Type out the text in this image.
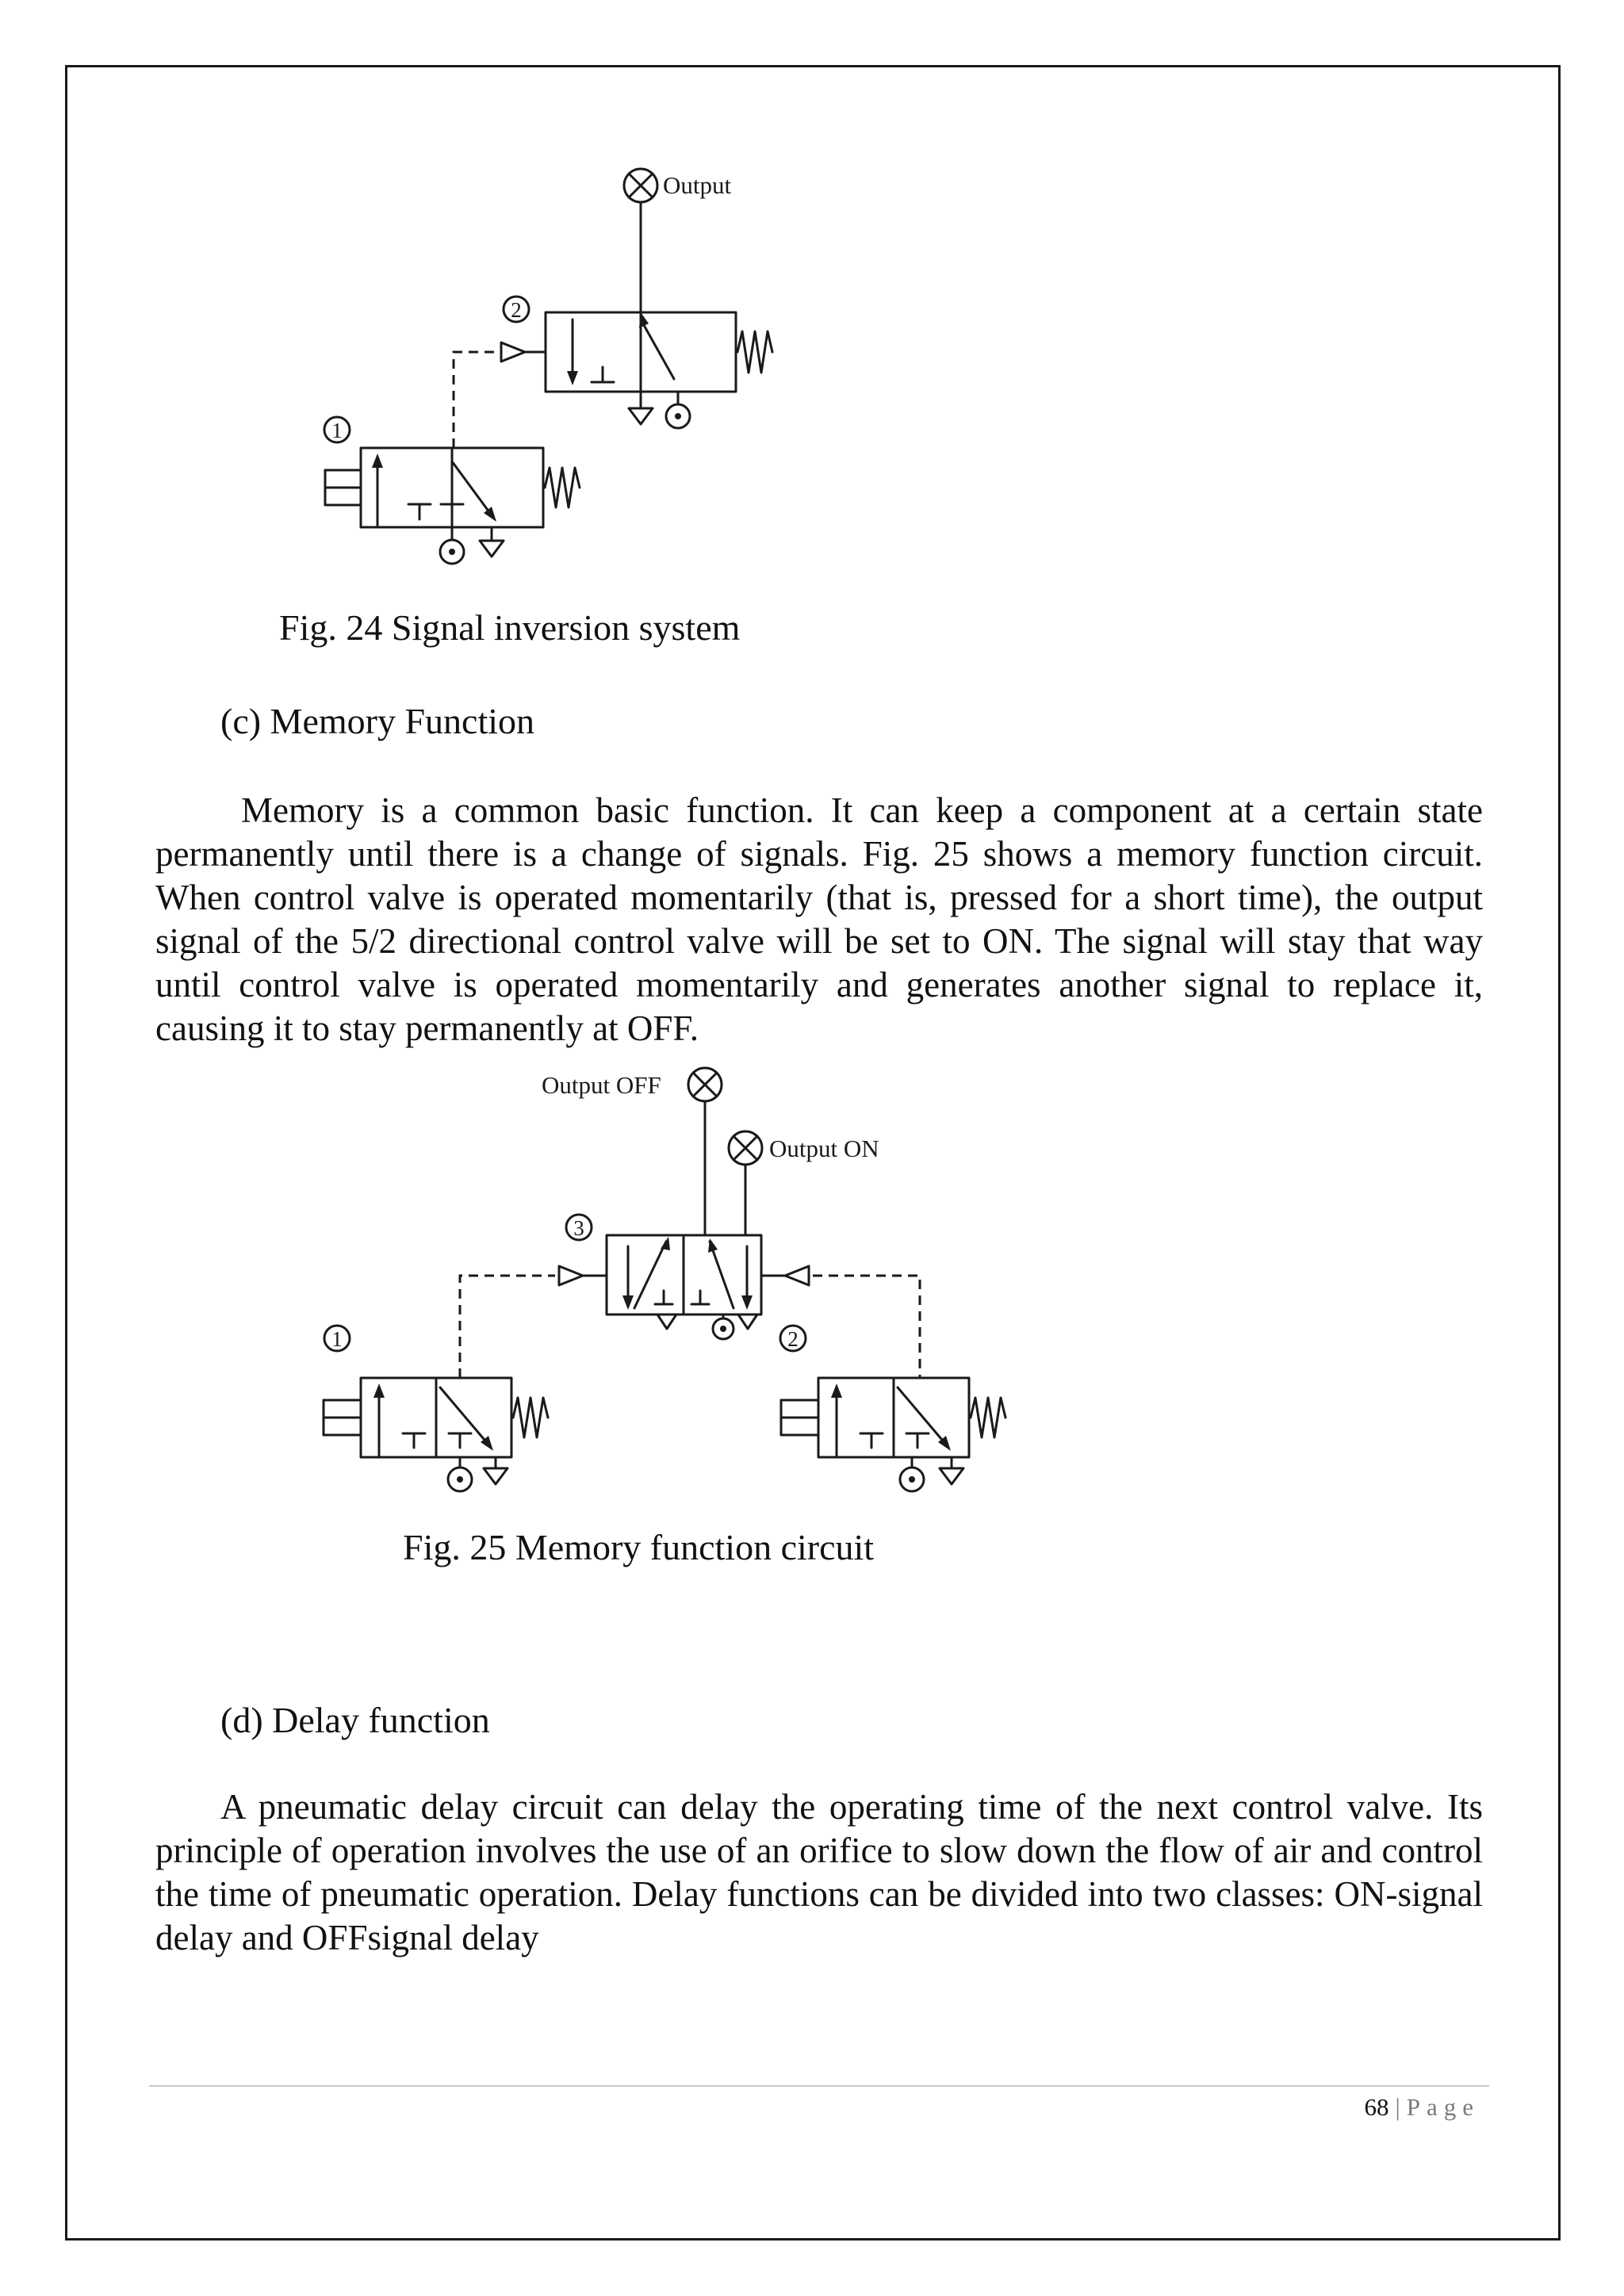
Output
2
1

Fig. 24 Signal inversion system

(c) Memory Function

Memory is a common basic function. It can keep a component at a certain state permanently until there is a change of signals. Fig. 25 shows a memory function circuit. When control valve is operated momentarily (that is, pressed for a short time), the output signal of the 5/2 directional control valve will be set to ON. The signal will stay that way until control valve is operated momentarily and generates another signal to replace it, causing it to stay permanently at OFF.

Output OFF
Output ON
3
1	2

Fig. 25 Memory function circuit

(d) Delay function

A pneumatic delay circuit can delay the operating time of the next control valve. Its principle of operation involves the use of an orifice to slow down the flow of air and control the time of pneumatic operation. Delay functions can be divided into two classes: ON-signal delay and OFFsignal delay

68 | Page
